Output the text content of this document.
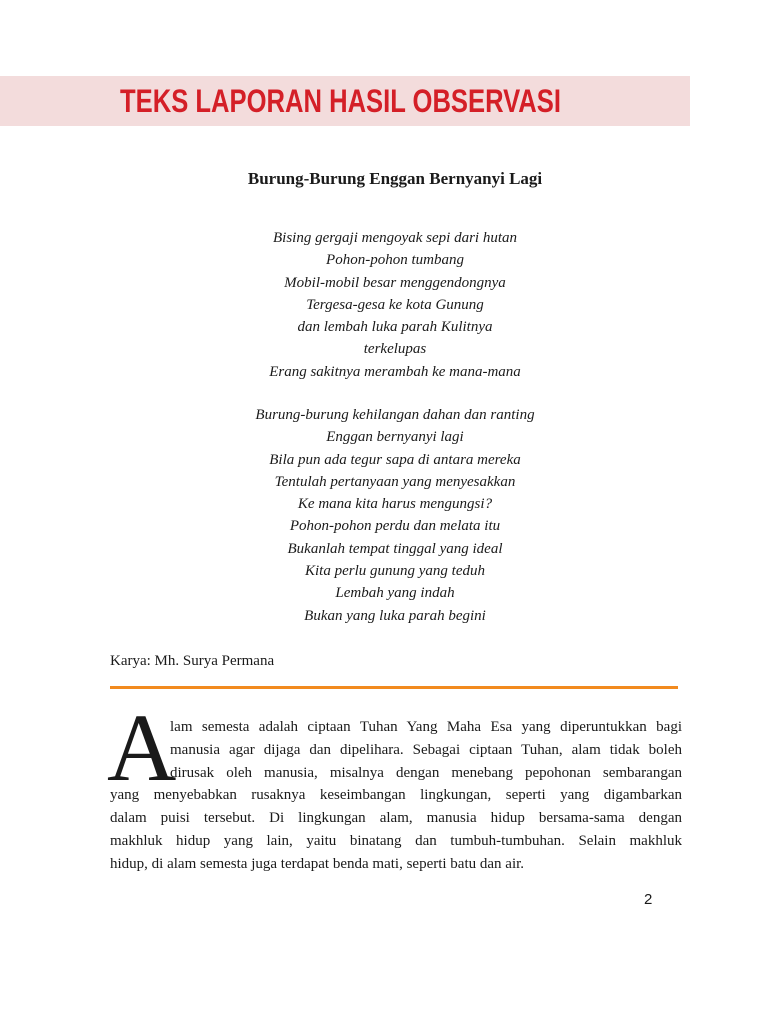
TEKS LAPORAN HASIL OBSERVASI
Burung-Burung Enggan Bernyanyi Lagi
Bising gergaji mengoyak sepi dari hutan
Pohon-pohon tumbang
Mobil-mobil besar menggendongnya
Tergesa-gesa ke kota Gunung
dan lembah luka parah Kulitnya
terkelupas
Erang sakitnya merambah ke mana-mana
Burung-burung kehilangan dahan dan ranting
Enggan bernyanyi lagi
Bila pun ada tegur sapa di antara mereka
Tentulah pertanyaan yang menyesakkan
Ke mana kita harus mengungsi?
Pohon-pohon perdu dan melata itu
Bukanlah tempat tinggal yang ideal
Kita perlu gunung yang teduh
Lembah yang indah
Bukan yang luka parah begini

Karya: Mh. Surya Permana

A
lam semesta adalah ciptaan Tuhan Yang Maha Esa yang diperuntukkan bagi
manusia agar dijaga dan dipelihara. Sebagai ciptaan Tuhan, alam tidak boleh
dirusak oleh manusia, misalnya dengan menebang pepohonan sembarangan
yang menyebabkan rusaknya keseimbangan lingkungan, seperti yang digambarkan
dalam puisi tersebut. Di lingkungan alam, manusia hidup bersama-sama dengan
makhluk hidup yang lain, yaitu binatang dan tumbuh-tumbuhan. Selain makhluk
hidup, di alam semesta juga terdapat benda mati, seperti batu dan air.
2
